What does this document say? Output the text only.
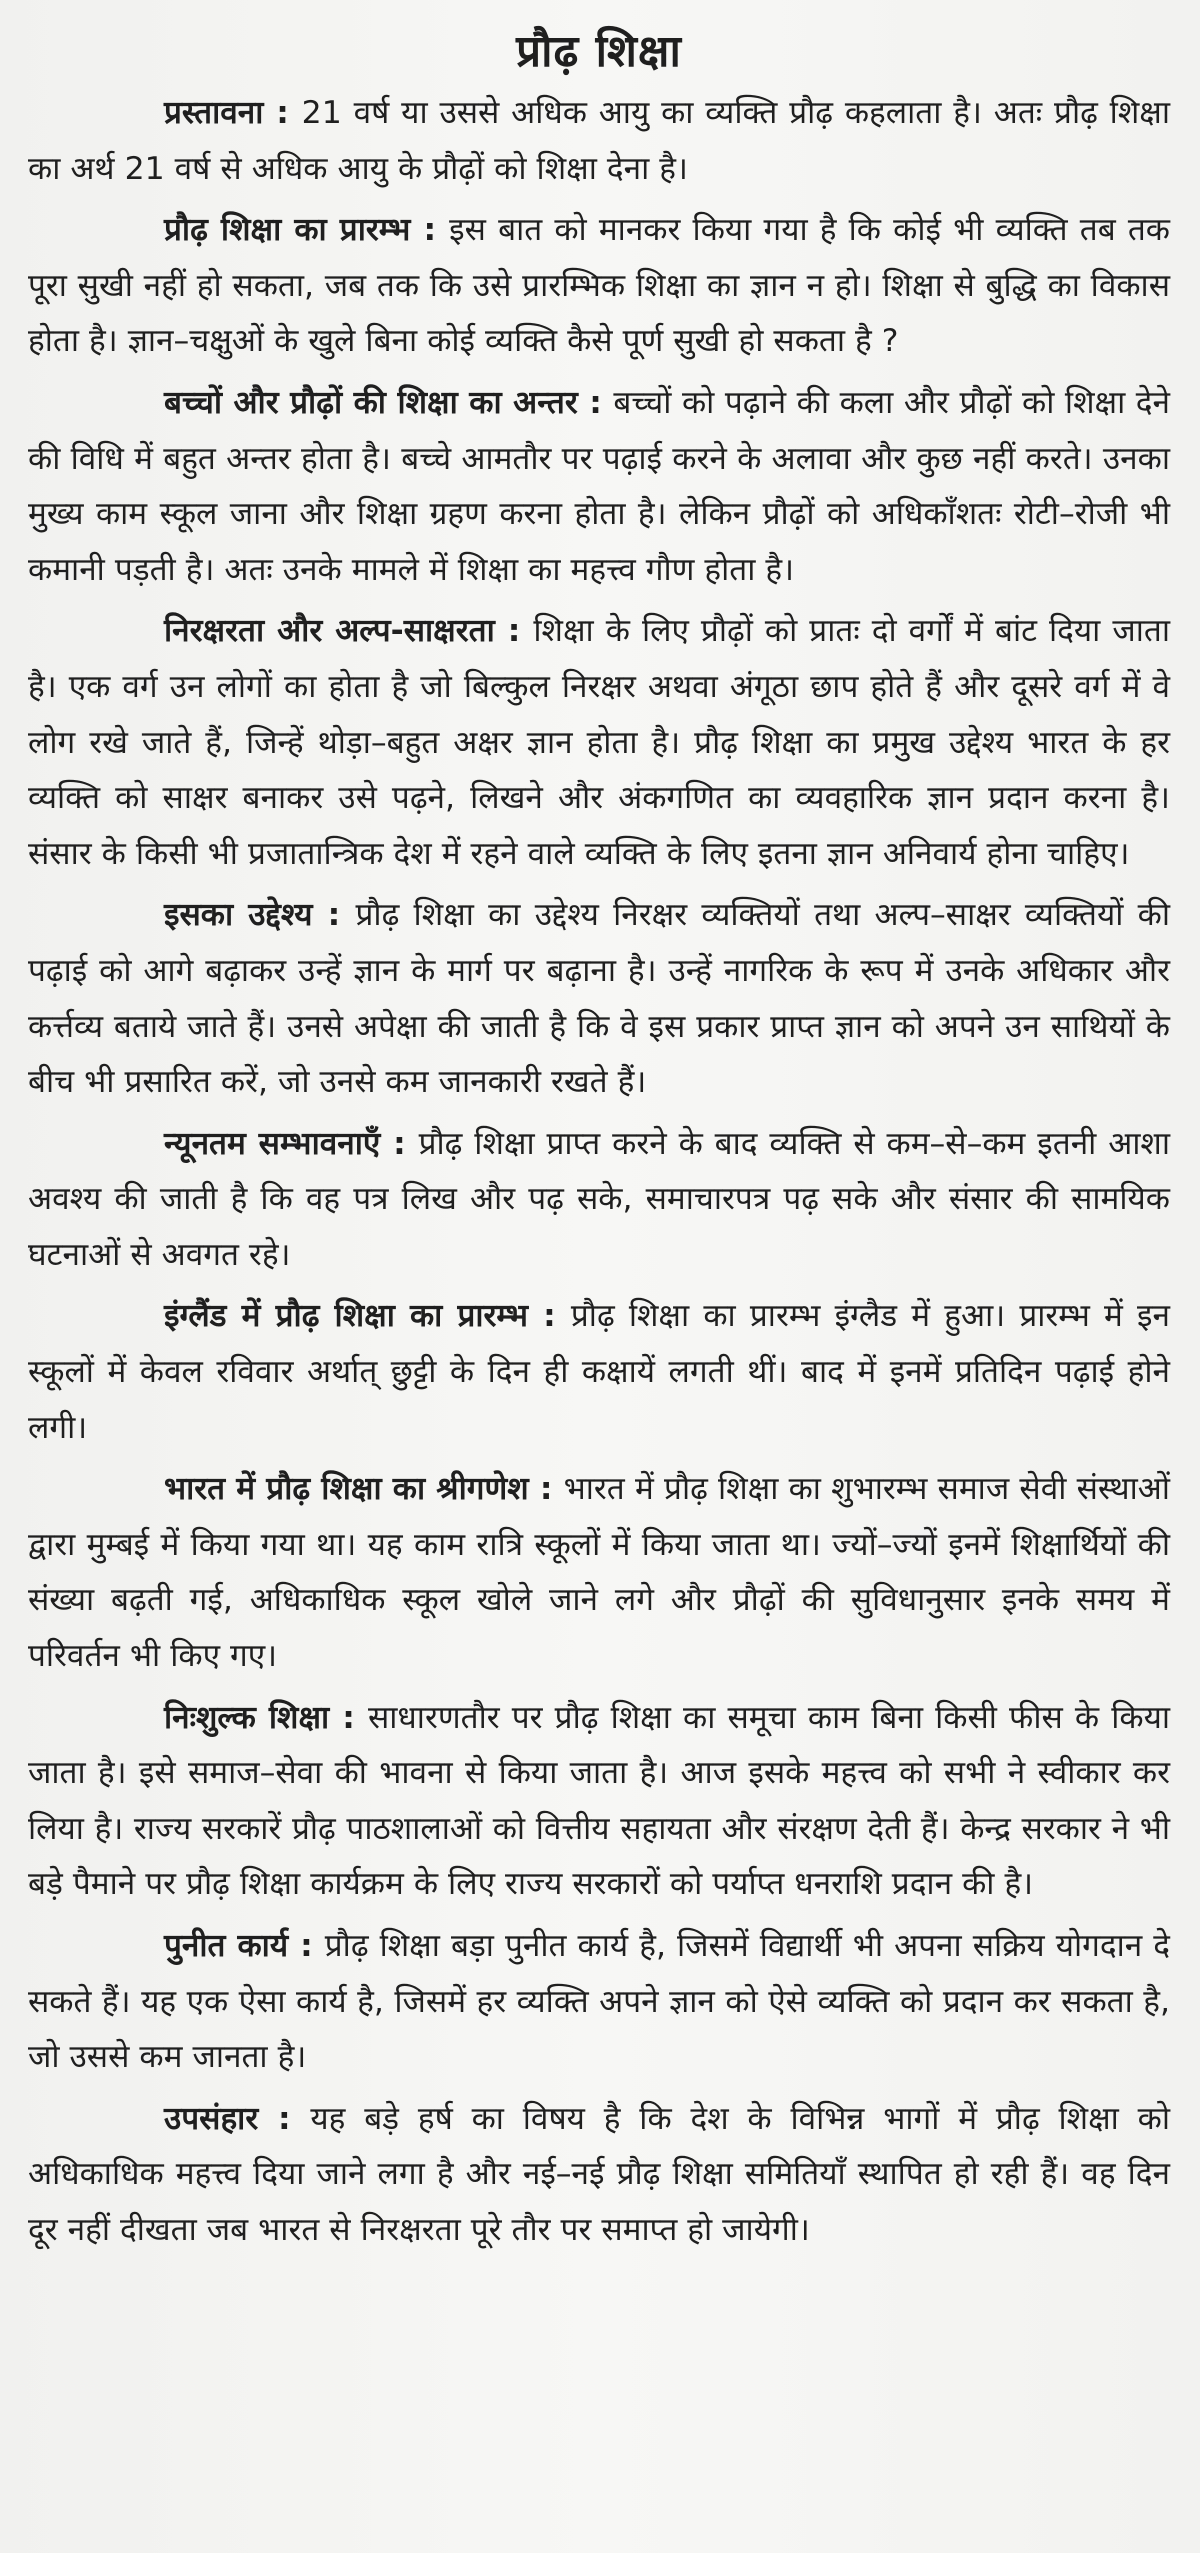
प्रौढ़ शिक्षा

प्रस्तावना : 21 वर्ष या उससे अधिक आयु का व्यक्ति प्रौढ़ कहलाता है। अतः प्रौढ़ शिक्षा का अर्थ 21 वर्ष से अधिक आयु के प्रौढ़ों को शिक्षा देना है।

प्रौढ़ शिक्षा का प्रारम्भ : इस बात को मानकर किया गया है कि कोई भी व्यक्ति तब तक पूरा सुखी नहीं हो सकता, जब तक कि उसे प्रारम्भिक शिक्षा का ज्ञान न हो। शिक्षा से बुद्धि का विकास होता है। ज्ञान–चक्षुओं के खुले बिना कोई व्यक्ति कैसे पूर्ण सुखी हो सकता है ?

बच्चों और प्रौढ़ों की शिक्षा का अन्तर : बच्चों को पढ़ाने की कला और प्रौढ़ों को शिक्षा देने की विधि में बहुत अन्तर होता है। बच्चे आमतौर पर पढ़ाई करने के अलावा और कुछ नहीं करते। उनका मुख्य काम स्कूल जाना और शिक्षा ग्रहण करना होता है। लेकिन प्रौढ़ों को अधिकाँशतः रोटी–रोजी भी कमानी पड़ती है। अतः उनके मामले में शिक्षा का महत्त्व गौण होता है।

निरक्षरता और अल्प-साक्षरता : शिक्षा के लिए प्रौढ़ों को प्रातः दो वर्गों में बांट दिया जाता है। एक वर्ग उन लोगों का होता है जो बिल्कुल निरक्षर अथवा अंगूठा छाप होते हैं और दूसरे वर्ग में वे लोग रखे जाते हैं, जिन्हें थोड़ा–बहुत अक्षर ज्ञान होता है। प्रौढ़ शिक्षा का प्रमुख उद्देश्य भारत के हर व्यक्ति को साक्षर बनाकर उसे पढ़ने, लिखने और अंकगणित का व्यवहारिक ज्ञान प्रदान करना है। संसार के किसी भी प्रजातान्त्रिक देश में रहने वाले व्यक्ति के लिए इतना ज्ञान अनिवार्य होना चाहिए।

इसका उद्देश्य : प्रौढ़ शिक्षा का उद्देश्य निरक्षर व्यक्तियों तथा अल्प–साक्षर व्यक्तियों की पढ़ाई को आगे बढ़ाकर उन्हें ज्ञान के मार्ग पर बढ़ाना है। उन्हें नागरिक के रूप में उनके अधिकार और कर्त्तव्य बताये जाते हैं। उनसे अपेक्षा की जाती है कि वे इस प्रकार प्राप्त ज्ञान को अपने उन साथियों के बीच भी प्रसारित करें, जो उनसे कम जानकारी रखते हैं।

न्यूनतम सम्भावनाएँ : प्रौढ़ शिक्षा प्राप्त करने के बाद व्यक्ति से कम–से–कम इतनी आशा अवश्य की जाती है कि वह पत्र लिख और पढ़ सके, समाचारपत्र पढ़ सके और संसार की सामयिक घटनाओं से अवगत रहे।

इंग्लैंड में प्रौढ़ शिक्षा का प्रारम्भ : प्रौढ़ शिक्षा का प्रारम्भ इंग्लैड में हुआ। प्रारम्भ में इन स्कूलों में केवल रविवार अर्थात् छुट्टी के दिन ही कक्षायें लगती थीं। बाद में इनमें प्रतिदिन पढ़ाई होने लगी।

भारत में प्रौढ़ शिक्षा का श्रीगणेश : भारत में प्रौढ़ शिक्षा का शुभारम्भ समाज सेवी संस्थाओं द्वारा मुम्बई में किया गया था। यह काम रात्रि स्कूलों में किया जाता था। ज्यों–ज्यों इनमें शिक्षार्थियों की संख्या बढ़ती गई, अधिकाधिक स्कूल खोले जाने लगे और प्रौढ़ों की सुविधानुसार इनके समय में परिवर्तन भी किए गए।

निःशुल्क शिक्षा : साधारणतौर पर प्रौढ़ शिक्षा का समूचा काम बिना किसी फीस के किया जाता है। इसे समाज–सेवा की भावना से किया जाता है। आज इसके महत्त्व को सभी ने स्वीकार कर लिया है। राज्य सरकारें प्रौढ़ पाठशालाओं को वित्तीय सहायता और संरक्षण देती हैं। केन्द्र सरकार ने भी बड़े पैमाने पर प्रौढ़ शिक्षा कार्यक्रम के लिए राज्य सरकारों को पर्याप्त धनराशि प्रदान की है।

पुनीत कार्य : प्रौढ़ शिक्षा बड़ा पुनीत कार्य है, जिसमें विद्यार्थी भी अपना सक्रिय योगदान दे सकते हैं। यह एक ऐसा कार्य है, जिसमें हर व्यक्ति अपने ज्ञान को ऐसे व्यक्ति को प्रदान कर सकता है, जो उससे कम जानता है।

उपसंहार : यह बड़े हर्ष का विषय है कि देश के विभिन्न भागों में प्रौढ़ शिक्षा को अधिकाधिक महत्त्व दिया जाने लगा है और नई–नई प्रौढ़ शिक्षा समितियाँ स्थापित हो रही हैं। वह दिन दूर नहीं दीखता जब भारत से निरक्षरता पूरे तौर पर समाप्त हो जायेगी।
